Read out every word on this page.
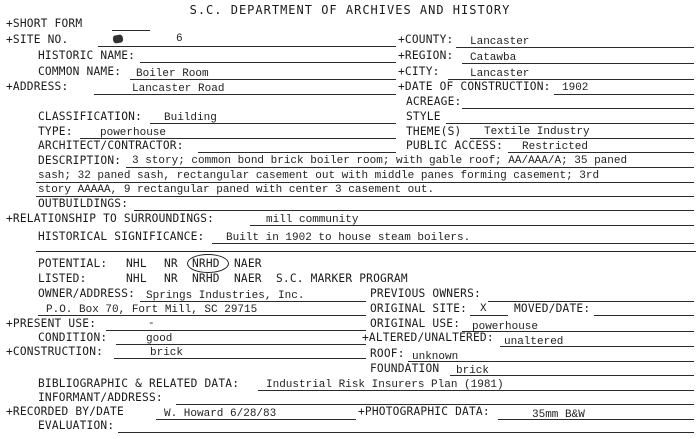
S.C. DEPARTMENT OF ARCHIVES AND HISTORY
+SHORT FORM
+SITE NO.	6	+COUNTY: Lancaster
HISTORIC NAME:	+REGION: Catawba
COMMON NAME: Boiler Room	+CITY:	Lancaster
+ADDRESS:	Lancaster Road	+DATE OF CONSTRUCTION: 1902
ACREAGE:
CLASSIFICATION: Building	STYLE
TYPE: powerhouse	THEME(S) Textile Industry
ARCHITECT/CONTRACTOR:	PUBLIC ACCESS: Restricted
DESCRIPTION: 3 story; common bond brick boiler room; with gable roof; AA/AAA/A; 35 paned
sash; 32 paned sash, rectangular casement out with middle panes forming casement; 3rd
story AAAAA, 9 rectangular paned with center 3 casement out.
OUTBUILDINGS:
+RELATIONSHIP TO SURROUNDINGS:	mill community
HISTORICAL SIGNIFICANCE: Built in 1902 to house steam boilers.
POTENTIAL: NHL NR NRHD NAER
LISTED:	NHL NR NRHD NAER S.C. MARKER PROGRAM
OWNER/ADDRESS: Springs Industries, Inc.	PREVIOUS OWNERS:
P.O. Box 70, Fort Mill, SC 29715	ORIGINAL SITE: X MOVED/DATE:
+PRESENT USE:	-	ORIGINAL USE: powerhouse
CONDITION:	good	+ALTERED/UNALTERED: unaltered
+CONSTRUCTION:	brick	ROOF: unknown
FOUNDATION brick
BIBLIOGRAPHIC & RELATED DATA: Industrial Risk Insurers Plan (1981)
INFORMANT/ADDRESS:
+RECORDED BY/DATE	W. Howard 6/28/83	+PHOTOGRAPHIC DATA:	35mm B&W
EVALUATION:
